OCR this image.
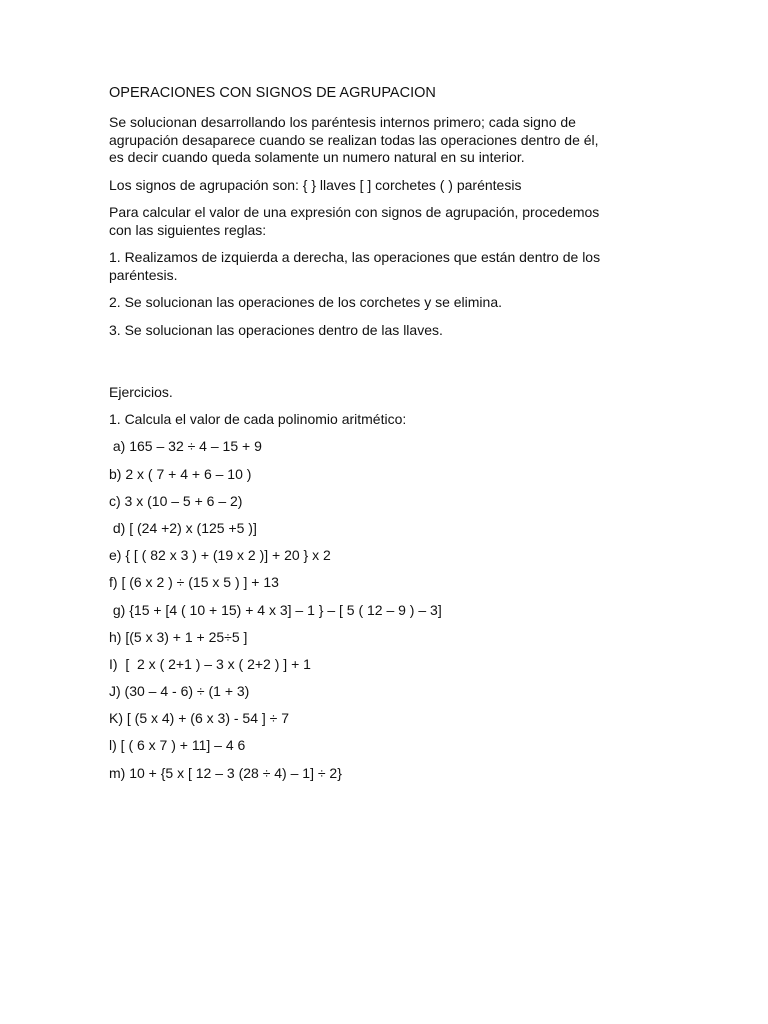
OPERACIONES CON SIGNOS DE AGRUPACION

Se solucionan desarrollando los paréntesis internos primero; cada signo de

agrupación desaparece cuando se realizan todas las operaciones dentro de él,

es decir cuando queda solamente un numero natural en su interior.

Los signos de agrupación son: { } llaves [ ] corchetes ( ) paréntesis

Para calcular el valor de una expresión con signos de agrupación, procedemos

con las siguientes reglas:

1. Realizamos de izquierda a derecha, las operaciones que están dentro de los

paréntesis.

2. Se solucionan las operaciones de los corchetes y se elimina.

3. Se solucionan las operaciones dentro de las llaves.

Ejercicios.

1. Calcula el valor de cada polinomio aritmético:

a) 165 – 32 ÷ 4 – 15 + 9

b) 2 x ( 7 + 4 + 6 – 10 )

c) 3 x (10 – 5 + 6 – 2)

d) [ (24 +2) x (125 +5 )]

e) { [ ( 82 x 3 ) + (19 x 2 )] + 20 } x 2

f) [ (6 x 2 ) ÷ (15 x 5 ) ] + 13

g) {15 + [4 ( 10 + 15) + 4 x 3] – 1 } – [ 5 ( 12 – 9 ) – 3]

h) [(5 x 3) + 1 + 25÷5 ]

I)  [  2 x ( 2+1 ) – 3 x ( 2+2 ) ] + 1

J) (30 – 4 - 6) ÷ (1 + 3)

K) [ (5 x 4) + (6 x 3) - 54 ] ÷ 7

l) [ ( 6 x 7 ) + 11] – 4 6

m) 10 + {5 x [ 12 – 3 (28 ÷ 4) – 1] ÷ 2}
